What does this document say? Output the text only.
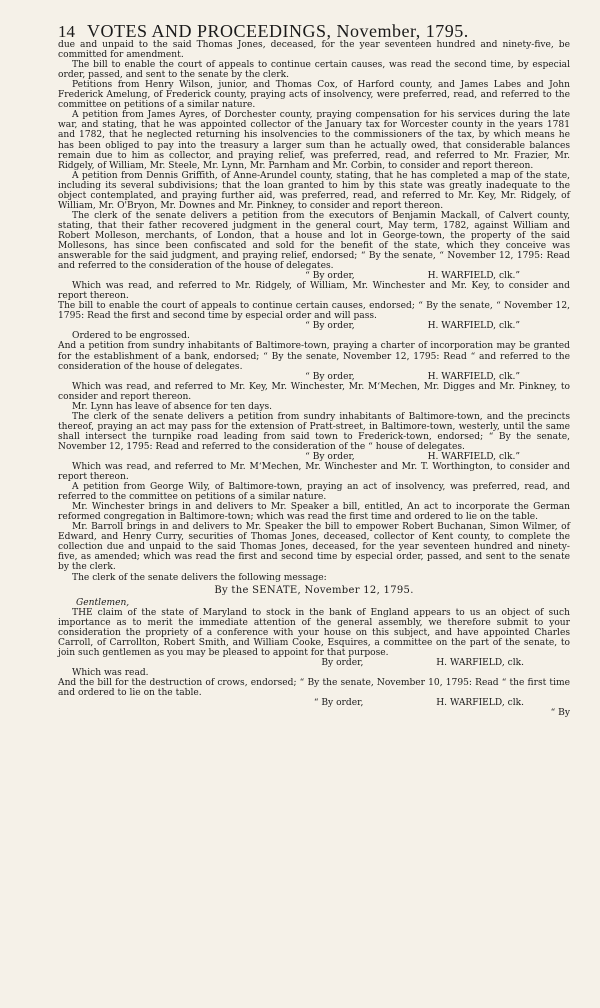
14 VOTES AND PROCEEDINGS, November, 1795.

due and unpaid to the said Thomas Jones, deceased, for the year seventeen hundred and ninety-five, be committed for amendment.

The bill to enable the court of appeals to continue certain causes, was read the second time, by especial order, passed, and sent to the senate by the clerk.

Petitions from Henry Wilson, junior, and Thomas Cox, of Harford county, and James Labes and John Frederick Amelung, of Frederick county, praying acts of insolvency, were preferred, read, and referred to the committee on petitions of a similar nature.

A petition from James Ayres, of Dorchester county, praying compensation for his services during the late war, and stating, that he was appointed collector of the January tax for Worcester county in the years 1781 and 1782, that he neglected returning his insolvencies to the commissioners of the tax, by which means he has been obliged to pay into the treasury a larger sum than he actually owed, that considerable balances remain due to him as collector, and praying relief, was preferred, read, and referred to Mr. Frazier, Mr. Ridgely, of William, Mr. Steele, Mr. Lynn, Mr. Parnham and Mr. Corbin, to consider and report thereon.

A petition from Dennis Griffith, of Anne-Arundel county, stating, that he has completed a map of the state, including its several subdivisions; that the loan granted to him by this state was greatly inadequate to the object contemplated, and praying further aid, was preferred, read, and referred to Mr. Key, Mr. Ridgely, of William, Mr. O'Bryon, Mr. Downes and Mr. Pinkney, to consider and report thereon.

The clerk of the senate delivers a petition from the executors of Benjamin Mackall, of Calvert county, stating, that their father recovered judgment in the general court, May term, 1782, against William and Robert Molleson, merchants, of London, that a house and lot in George-town, the property of the said Mollesons, has since been confiscated and sold for the benefit of the state, which they conceive was answerable for the said judgment, and praying relief, endorsed; “ By the senate, “ November 12, 1795: Read and referred to the consideration of the house of delegates.

“ By order,	H. WARFIELD, clk.”

Which was read, and referred to Mr. Ridgely, of William, Mr. Winchester and Mr. Key, to consider and report thereon.

The bill to enable the court of appeals to continue certain causes, endorsed; “ By the senate, “ November 12, 1795: Read the first and second time by especial order and will pass.

“ By order,	H. WARFIELD, clk.”

Ordered to be engrossed.

And a petition from sundry inhabitants of Baltimore-town, praying a charter of incorporation may be granted for the establishment of a bank, endorsed; “ By the senate, November 12, 1795: Read “ and referred to the consideration of the house of delegates.

“ By order,	H. WARFIELD, clk.”

Which was read, and referred to Mr. Key, Mr. Winchester, Mr. M‘Mechen, Mr. Digges and Mr. Pinkney, to consider and report thereon.

Mr. Lynn has leave of absence for ten days.

The clerk of the senate delivers a petition from sundry inhabitants of Baltimore-town, and the precincts thereof, praying an act may pass for the extension of Pratt-street, in Baltimore-town, westerly, until the same shall intersect the turnpike road leading from said town to Frederick-town, endorsed; “ By the senate, November 12, 1795: Read and referred to the consideration of the “ house of delegates.

“ By order,	H. WARFIELD, clk.”

Which was read, and referred to Mr. M‘Mechen, Mr. Winchester and Mr. T. Worthington, to consider and report thereon.

A petition from George Wily, of Baltimore-town, praying an act of insolvency, was preferred, read, and referred to the committee on petitions of a similar nature.

Mr. Winchester brings in and delivers to Mr. Speaker a bill, entitled, An act to incorporate the German reformed congregation in Baltimore-town; which was read the first time and ordered to lie on the table.

Mr. Barroll brings in and delivers to Mr. Speaker the bill to empower Robert Buchanan, Simon Wilmer, of Edward, and Henry Curry, securities of Thomas Jones, deceased, collector of Kent county, to complete the collection due and unpaid to the said Thomas Jones, deceased, for the year seventeen hundred and ninety-five, as amended; which was read the first and second time by especial order, passed, and sent to the senate by the clerk.

The clerk of the senate delivers the following message:

By the SENATE, November 12, 1795.

Gentlemen,

THE claim of the state of Maryland to stock in the bank of England appears to us an object of such importance as to merit the immediate attention of the general assembly, we therefore submit to your consideration the propriety of a conference with your house on this subject, and have appointed Charles Carroll, of Carrollton, Robert Smith, and William Cooke, Esquires, a committee on the part of the senate, to join such gentlemen as you may be pleased to appoint for that purpose.

By order,	H. WARFIELD, clk.

Which was read.

And the bill for the destruction of crows, endorsed; “ By the senate, November 10, 1795: Read “ the first time and ordered to lie on the table.

“ By order,	H. WARFIELD, clk.

“ By
